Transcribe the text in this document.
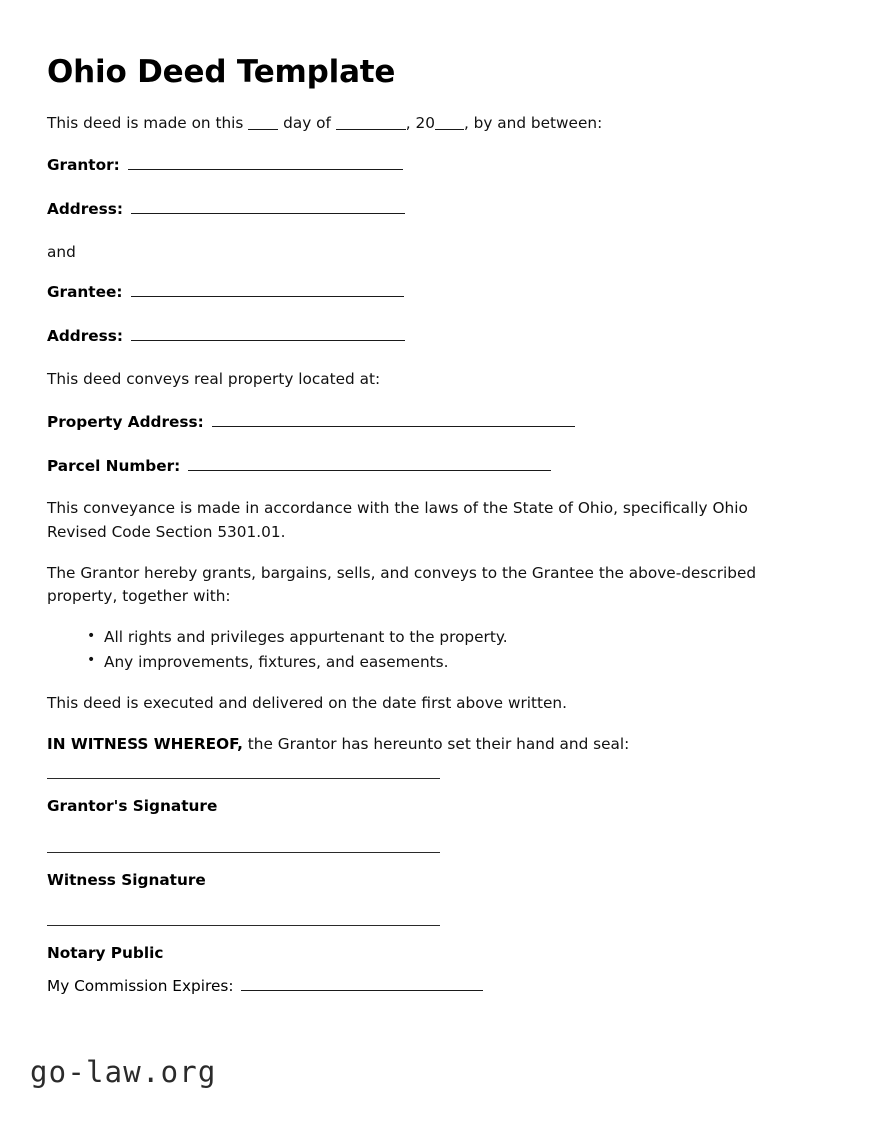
Ohio Deed Template

This deed is made on this  day of	, 20 , by and between:

Grantor:
Address:

and

Grantee:
Address:

This deed conveys real property located at:

Property Address:
Parcel Number:

This conveyance is made in accordance with the laws of the State of Ohio, specifically Ohio Revised Code Section 5301.01.

The Grantor hereby grants, bargains, sells, and conveys to the Grantee the above-described property, together with:

• All rights and privileges appurtenant to the property.
• Any improvements, fixtures, and easements.

This deed is executed and delivered on the date first above written.

IN WITNESS WHEREOF, the Grantor has hereunto set their hand and seal:

Grantor's Signature

Witness Signature

Notary Public

My Commission Expires:
go-law.org
